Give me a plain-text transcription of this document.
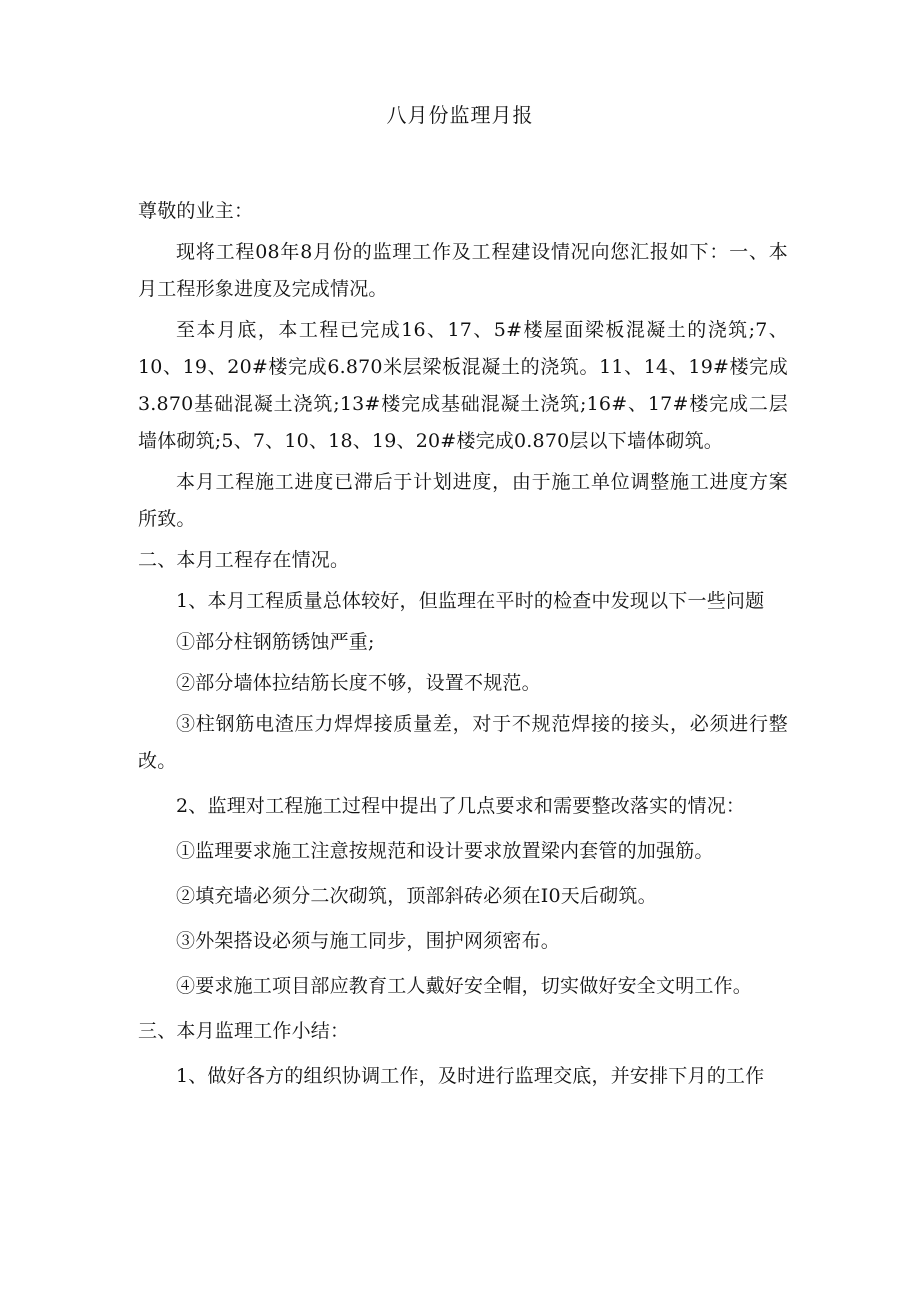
八月份监理月报

尊敬的业主：

现将工程08年8月份的监理工作及工程建设情况向您汇报如下：一、本月工程形象进度及完成情况。

至本月底，本工程已完成16、17、5#楼屋面梁板混凝土的浇筑;7、10、19、20#楼完成6.870米层梁板混凝土的浇筑。11、14、19#楼完成3.870基础混凝土浇筑;13#楼完成基础混凝土浇筑;16#、17#楼完成二层墙体砌筑;5、7、10、18、19、20#楼完成0.870层以下墙体砌筑。

本月工程施工进度已滞后于计划进度，由于施工单位调整施工进度方案所致。

二、本月工程存在情况。

1、本月工程质量总体较好，但监理在平时的检查中发现以下一些问题

①部分柱钢筋锈蚀严重;

②部分墙体拉结筋长度不够，设置不规范。

③柱钢筋电渣压力焊焊接质量差，对于不规范焊接的接头，必须进行整改。

2、监理对工程施工过程中提出了几点要求和需要整改落实的情况：

①监理要求施工注意按规范和设计要求放置梁内套管的加强筋。

②填充墙必须分二次砌筑，顶部斜砖必须在I0天后砌筑。

③外架搭设必须与施工同步，围护网须密布。

④要求施工项目部应教育工人戴好安全帽，切实做好安全文明工作。

三、本月监理工作小结：

1、做好各方的组织协调工作，及时进行监理交底，并安排下月的工作
